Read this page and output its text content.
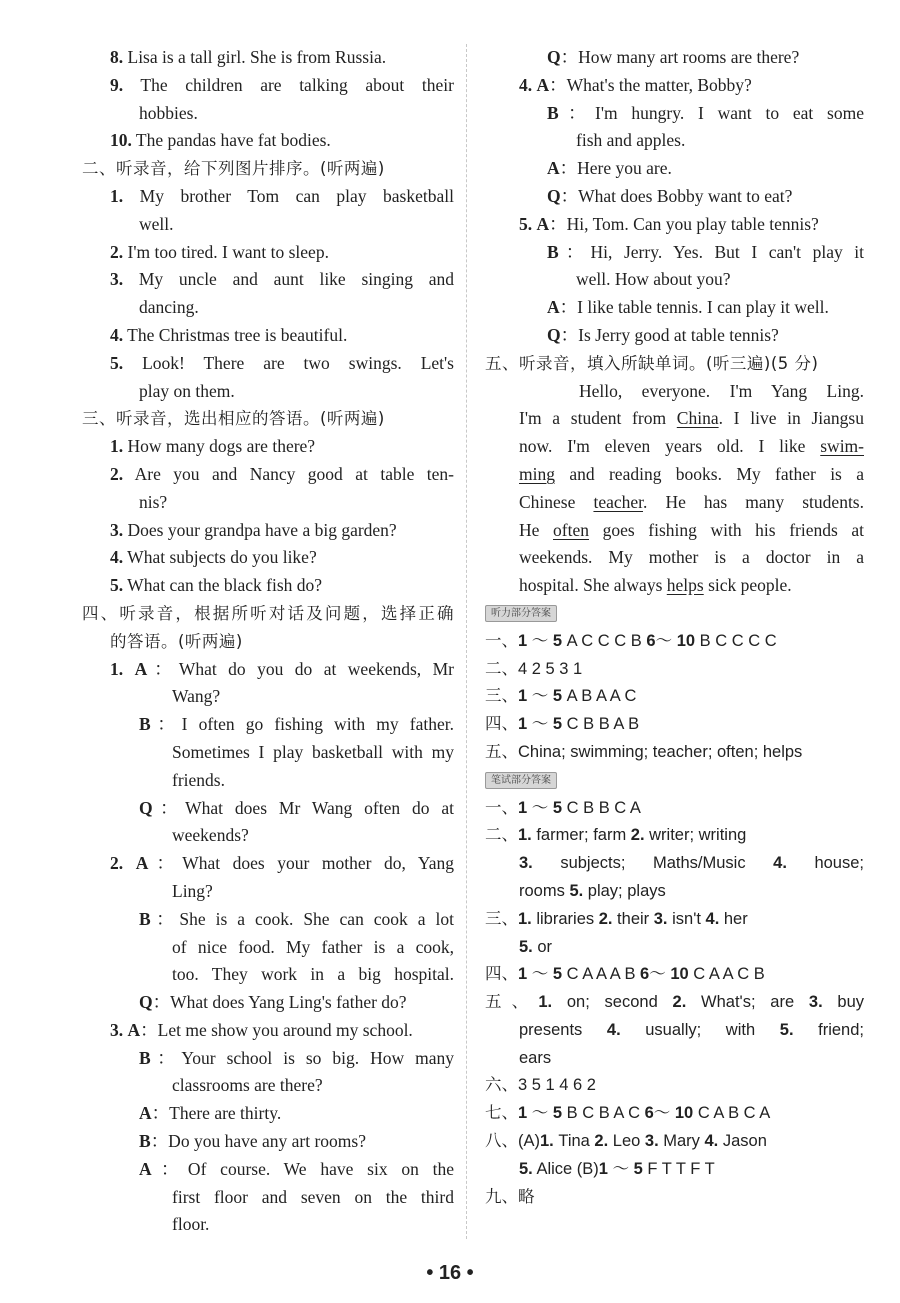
8. Lisa is a tall girl. She is from Russia.
9. The children are talking about their
hobbies.
10. The pandas have fat bodies.
二、听录音，给下列图片排序。(听两遍)
1. My brother Tom can play basketball
well.
2. I'm too tired. I want to sleep.
3. My uncle and aunt like singing and
dancing.
4. The Christmas tree is beautiful.
5. Look! There are two swings. Let's
play on them.
三、听录音，选出相应的答语。(听两遍)
1. How many dogs are there?
2. Are you and Nancy good at table ten-
nis?
3. Does your grandpa have a big garden?
4. What subjects do you like?
5. What can the black fish do?
四、听录音，根据所听对话及问题，选择正确
的答语。(听两遍)
1. A：What do you do at weekends, Mr
Wang?
B：I often go fishing with my father.
Sometimes I play basketball with my
friends.
Q：What does Mr Wang often do at
weekends?
2. A：What does your mother do, Yang
Ling?
B：She is a cook. She can cook a lot
of nice food. My father is a cook,
too. They work in a big hospital.
Q：What does Yang Ling's father do?
3. A：Let me show you around my school.
B：Your school is so big. How many
classrooms are there?
A：There are thirty.
B：Do you have any art rooms?
A：Of course. We have six on the
first floor and seven on the third
floor.
Q：How many art rooms are there?
4. A：What's the matter, Bobby?
B：I'm hungry. I want to eat some
fish and apples.
A：Here you are.
Q：What does Bobby want to eat?
5. A：Hi, Tom. Can you play table tennis?
B：Hi, Jerry. Yes. But I can't play it
well. How about you?
A：I like table tennis. I can play it well.
Q：Is Jerry good at table tennis?
五、听录音，填入所缺单词。(听三遍)(5 分)
Hello, everyone. I'm Yang Ling.
I'm a student from China. I live in Jiangsu
now. I'm eleven years old. I like swim-
ming and reading books. My father is a
Chinese teacher. He has many students.
He often goes fishing with his friends at
weekends. My mother is a doctor in a
hospital. She always helps sick people.
听力部分答案
一、1 ～ 5 A C C C B 6～ 10 B C C C C
二、4 2 5 3 1
三、1 ～ 5 A B A A C
四、1 ～ 5 C B B A B
五、China; swimming; teacher; often; helps
笔试部分答案
一、1 ～ 5 C B B C A
二、1. farmer; farm 2. writer; writing
3. subjects; Maths/Music 4. house;
rooms 5. play; plays
三、1. libraries 2. their 3. isn't 4. her
5. or
四、1 ～ 5 C A A A B 6～ 10 C A A C B
五、1. on; second 2. What's; are 3. buy
presents 4. usually; with 5. friend;
ears
六、3 5 1 4 6 2
七、1 ～ 5 B C B A C 6～ 10 C A B C A
八、(A)1. Tina 2. Leo 3. Mary 4. Jason
5. Alice (B)1 ～ 5 F T T F T
九、略
• 16 •
